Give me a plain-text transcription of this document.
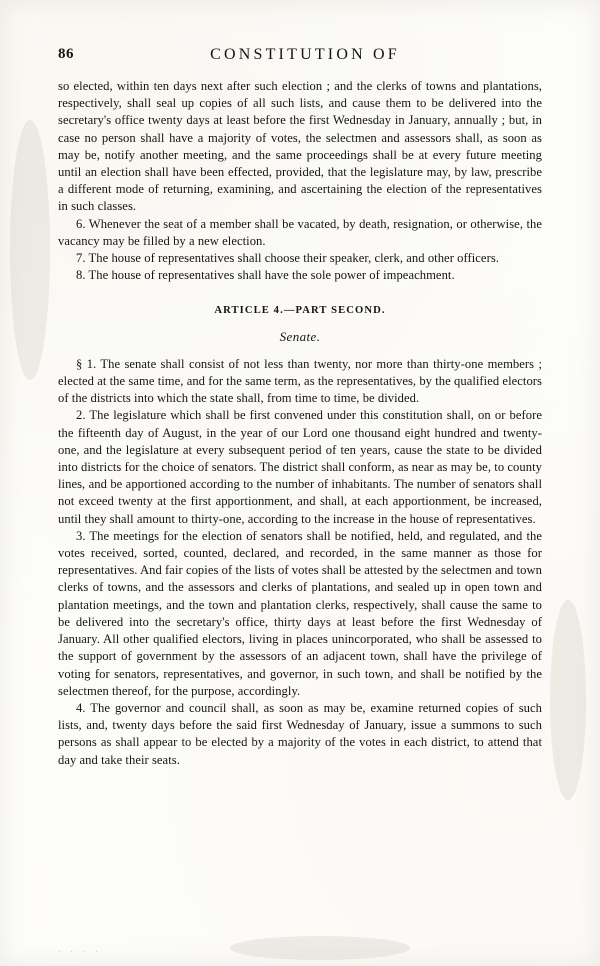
86	CONSTITUTION OF

so elected, within ten days next after such election ; and the clerks of towns and plantations, respectively, shall seal up copies of all such lists, and cause them to be delivered into the secretary's office twenty days at least before the first Wednesday in January, annually ; but, in case no person shall have a majority of votes, the selectmen and assessors shall, as soon as may be, notify another meeting, and the same proceedings shall be at every future meeting until an election shall have been effected, provided, that the legislature may, by law, prescribe a different mode of returning, examining, and ascertaining the election of the representatives in such classes.

6. Whenever the seat of a member shall be vacated, by death, resignation, or otherwise, the vacancy may be filled by a new election.

7. The house of representatives shall choose their speaker, clerk, and other officers.

8. The house of representatives shall have the sole power of impeachment.

ARTICLE 4.—PART SECOND.
Senate.

§ 1. The senate shall consist of not less than twenty, nor more than thirty-one members ; elected at the same time, and for the same term, as the representatives, by the qualified electors of the districts into which the state shall, from time to time, be divided.

2. The legislature which shall be first convened under this constitution shall, on or before the fifteenth day of August, in the year of our Lord one thousand eight hundred and twenty-one, and the legislature at every subsequent period of ten years, cause the state to be divided into districts for the choice of senators. The district shall conform, as near as may be, to county lines, and be apportioned according to the number of inhabitants. The number of senators shall not exceed twenty at the first apportionment, and shall, at each apportionment, be increased, until they shall amount to thirty-one, according to the increase in the house of representatives.

3. The meetings for the election of senators shall be notified, held, and regulated, and the votes received, sorted, counted, declared, and recorded, in the same manner as those for representatives. And fair copies of the lists of votes shall be attested by the selectmen and town clerks of towns, and the assessors and clerks of plantations, and sealed up in open town and plantation meetings, and the town and plantation clerks, respectively, shall cause the same to be delivered into the secretary's office, thirty days at least before the first Wednesday of January. All other qualified electors, living in places unincorporated, who shall be assessed to the support of government by the assessors of an adjacent town, shall have the privilege of voting for senators, representatives, and governor, in such town, and shall be notified by the selectmen thereof, for the purpose, accordingly.

4. The governor and council shall, as soon as may be, examine returned copies of such lists, and, twenty days before the said first Wednesday of January, issue a summons to such persons as shall appear to be elected by a majority of the votes in each district, to attend that day and take their seats.

. . . .
